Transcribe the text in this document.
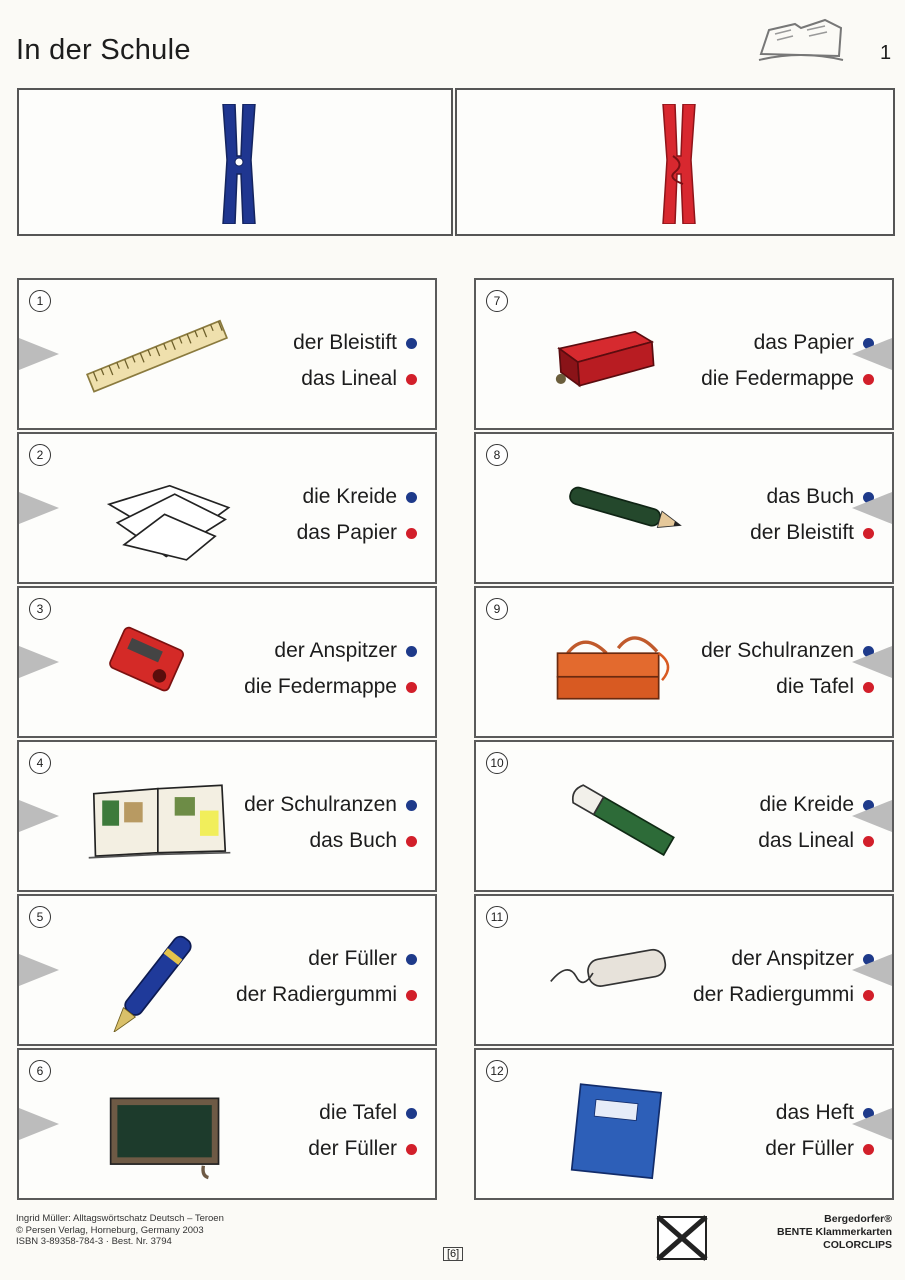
In der Schule	1
1
der Bleistift
das Lineal
2
die Kreide
das Papier
3
der Anspitzer
die Federmappe
4
der Schulranzen
das Buch
5
der Füller
der Radiergummi
6
die Tafel
der Füller
7
das Papier
die Federmappe
8
das Buch
der Bleistift
9
der Schulranzen
die Tafel
10
die Kreide
das Lineal
11
der Anspitzer
der Radiergummi
12
das Heft
der Füller
Ingrid Müller: Alltagswörtschatz Deutsch – Teroen
© Persen Verlag, Horneburg, Germany 2003
ISBN 3-89358-784-3 · Best. Nr. 3794
[6]
Bergedorfer®
BENTE Klammerkarten
COLORCLIPS
